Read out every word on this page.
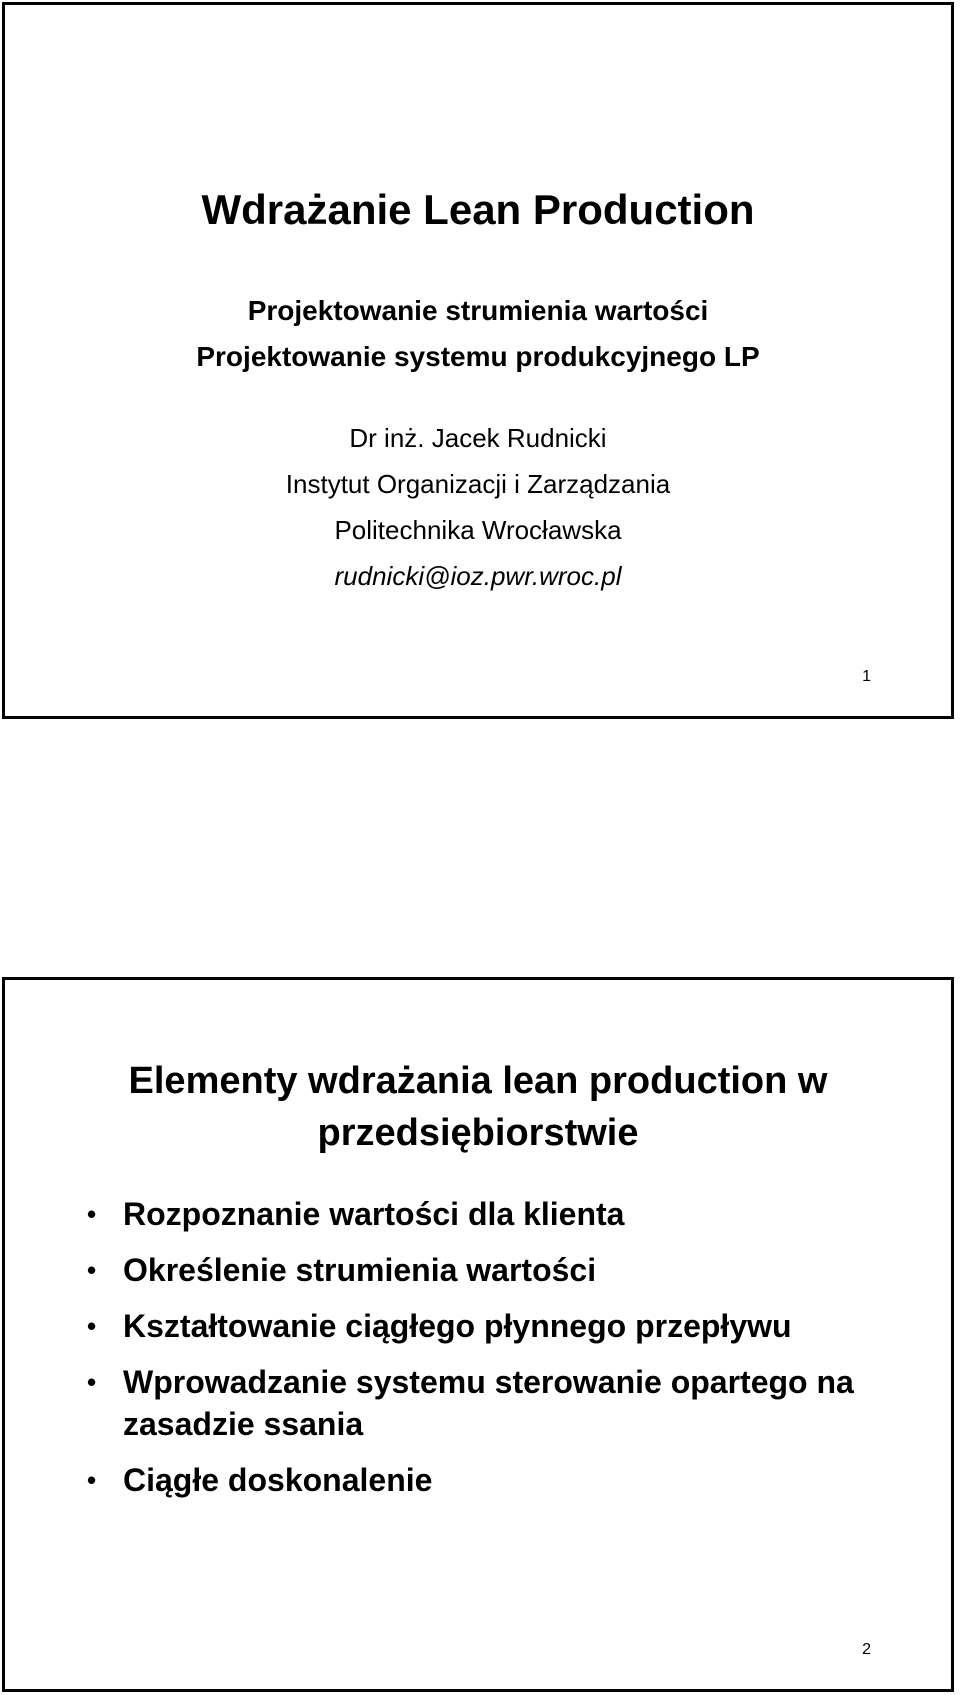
Wdrażanie Lean Production
Projektowanie strumienia wartości
Projektowanie systemu produkcyjnego LP
Dr inż. Jacek Rudnicki
Instytut Organizacji i Zarządzania
Politechnika Wrocławska
rudnicki@ioz.pwr.wroc.pl
1
Elementy wdrażania lean production w przedsiębiorstwie
• Rozpoznanie wartości dla klienta
• Określenie strumienia wartości
• Kształtowanie ciągłego płynnego przepływu
• Wprowadzanie systemu sterowanie opartego na zasadzie ssania
• Ciągłe doskonalenie
2
